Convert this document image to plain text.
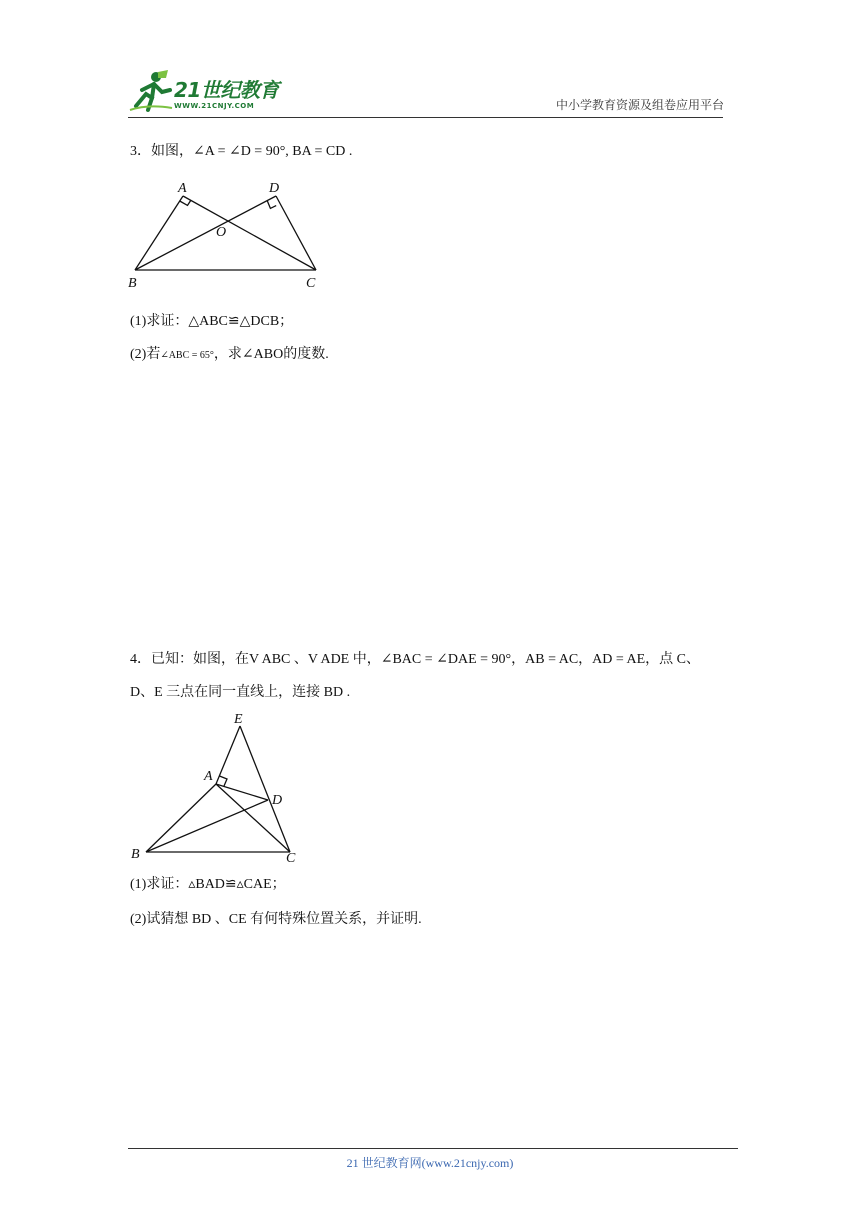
21世纪教育
WWW.21CNJY.COM	中小学教育资源及组卷应用平台
3．如图，∠A = ∠D = 90°, BA = CD .
A	D
O
B	C
(1)求证：△ABC≌△DCB；
(2)若∠ABC = 65°，求∠ABO的度数.
4．已知：如图，在V ABC 、V ADE 中，∠BAC = ∠DAE = 90°，AB = AC，AD = AE，点 C、
D、E 三点在同一直线上，连接 BD .
E
A
D
B	C
(1)求证：▵BAD≌▵CAE；
(2)试猜想 BD 、CE 有何特殊位置关系，并证明.
21 世纪教育网(www.21cnjy.com)
